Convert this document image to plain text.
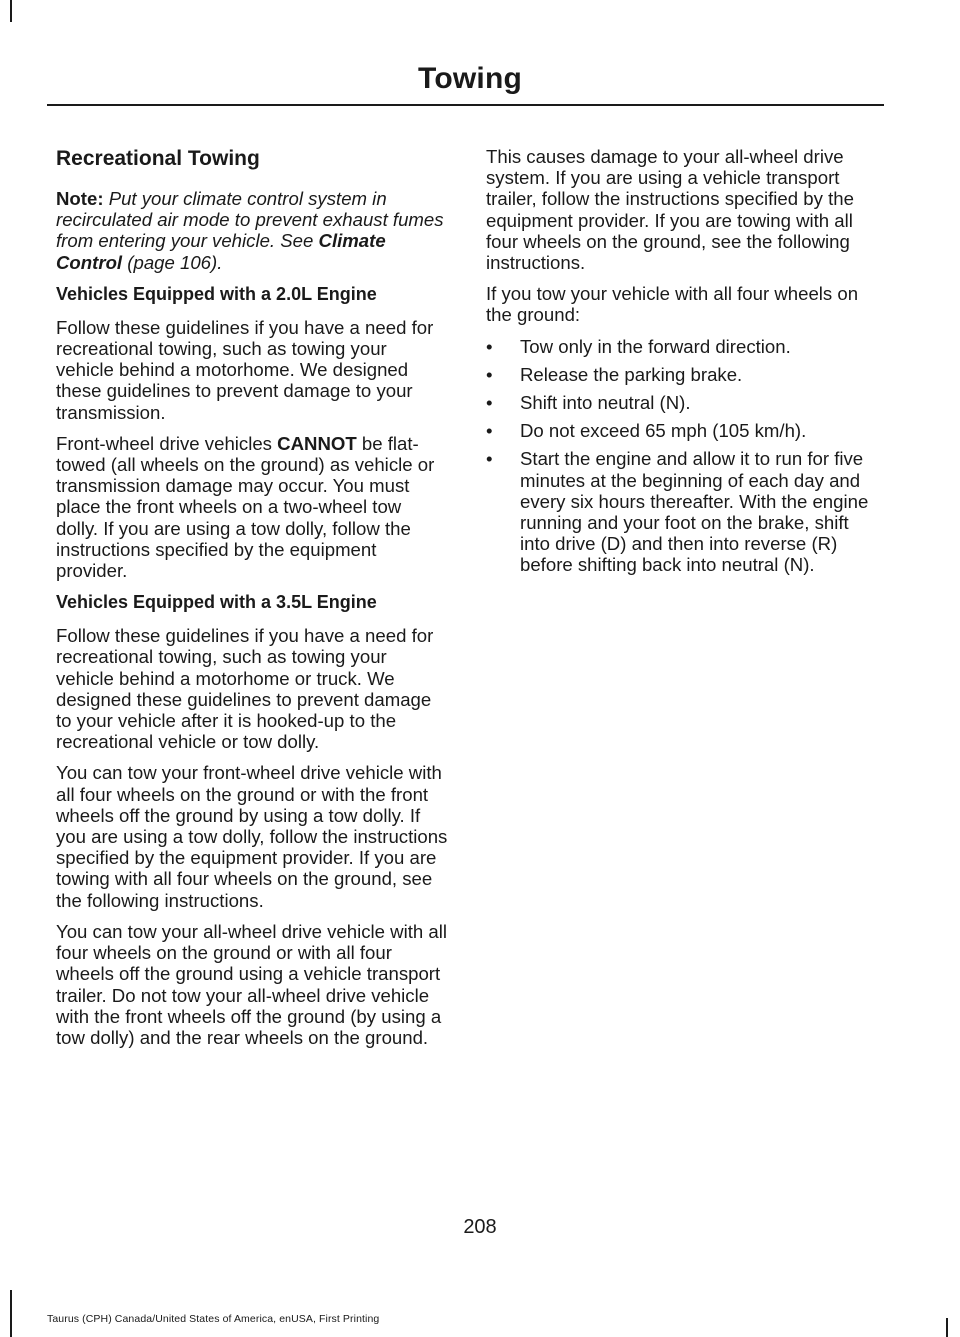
Towing
Recreational Towing

Note: Put your climate control system in recirculated air mode to prevent exhaust fumes from entering your vehicle. See Climate Control (page 106).

Vehicles Equipped with a 2.0L Engine

Follow these guidelines if you have a need for recreational towing, such as towing your vehicle behind a motorhome. We designed these guidelines to prevent damage to your transmission.

Front-wheel drive vehicles CANNOT be flat-towed (all wheels on the ground) as vehicle or transmission damage may occur. You must place the front wheels on a two-wheel tow dolly. If you are using a tow dolly, follow the instructions specified by the equipment provider.

Vehicles Equipped with a 3.5L Engine

Follow these guidelines if you have a need for recreational towing, such as towing your vehicle behind a motorhome or truck. We designed these guidelines to prevent damage to your vehicle after it is hooked-up to the recreational vehicle or tow dolly.

You can tow your front-wheel drive vehicle with all four wheels on the ground or with the front wheels off the ground by using a tow dolly. If you are using a tow dolly, follow the instructions specified by the equipment provider. If you are towing with all four wheels on the ground, see the following instructions.

You can tow your all-wheel drive vehicle with all four wheels on the ground or with all four wheels off the ground using a vehicle transport trailer. Do not tow your all-wheel drive vehicle with the front wheels off the ground (by using a tow dolly) and the rear wheels on the ground.

This causes damage to your all-wheel drive system. If you are using a vehicle transport trailer, follow the instructions specified by the equipment provider. If you are towing with all four wheels on the ground, see the following instructions.

If you tow your vehicle with all four wheels on the ground:

• Tow only in the forward direction.
• Release the parking brake.
• Shift into neutral (N).
• Do not exceed 65 mph (105 km/h).
• Start the engine and allow it to run for five minutes at the beginning of each day and every six hours thereafter. With the engine running and your foot on the brake, shift into drive (D) and then into reverse (R) before shifting back into neutral (N).
208
Taurus (CPH) Canada/United States of America, enUSA, First Printing
